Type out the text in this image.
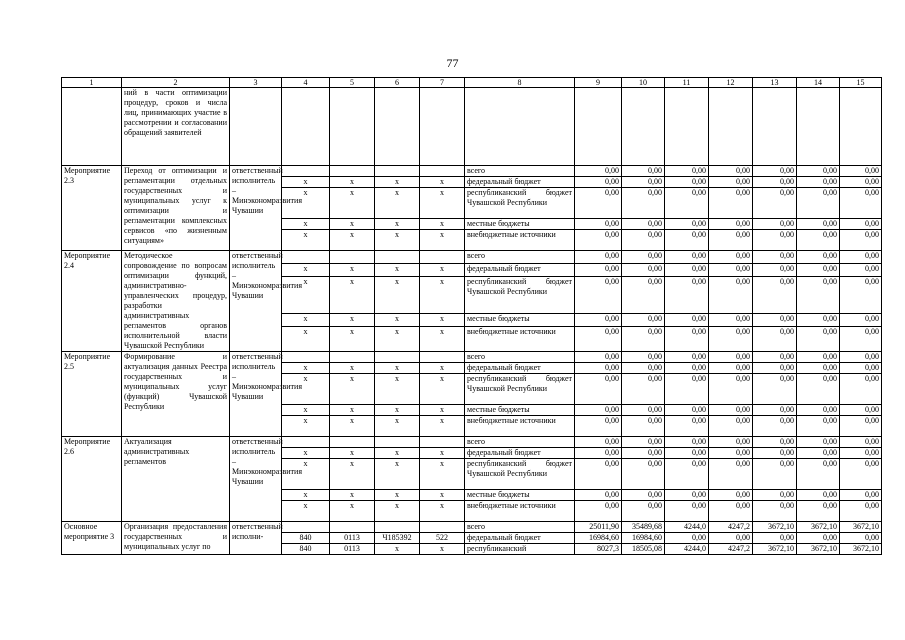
77
1	2	3	4	5	6	7	8	9	10	11	12	13	14	15
	ний в части оптимизации процедур, сроков и числа лиц, принимающих участие в рассмотрении и согласовании обращений заявителей													
Мероприятие 2.3	Переход от оптимизации и регламентации отдельных государственных и муниципальных услуг к оптимизации и регламентации комплексных сервисов «по жизненным ситуациям»	ответственный исполнитель – Минэкономразвития Чувашии					всего	0,00	0,00	0,00	0,00	0,00	0,00	0,00
			x	x	x	x	федеральный бюджет	0,00	0,00	0,00	0,00	0,00	0,00	0,00
			x	x	x	x	республиканский бюджет Чувашской Республики	0,00	0,00	0,00	0,00	0,00	0,00	0,00
			x	x	x	x	местные бюджеты	0,00	0,00	0,00	0,00	0,00	0,00	0,00
			x	x	x	x	внебюджетные источники	0,00	0,00	0,00	0,00	0,00	0,00	0,00
Мероприятие 2.4	Методическое сопровождение по вопросам оптимизации функций, административно-управленческих процедур, разработки административных регламентов органов исполнительной власти Чувашской Республики	ответственный исполнитель – Минэкономразвития Чувашии					всего	0,00	0,00	0,00	0,00	0,00	0,00	0,00
			x	x	x	x	федеральный бюджет	0,00	0,00	0,00	0,00	0,00	0,00	0,00
			x	x	x	x	республиканский бюджет Чувашской Республики	0,00	0,00	0,00	0,00	0,00	0,00	0,00
			x	x	x	x	местные бюджеты	0,00	0,00	0,00	0,00	0,00	0,00	0,00
			x	x	x	x	внебюджетные источники	0,00	0,00	0,00	0,00	0,00	0,00	0,00
Мероприятие 2.5	Формирование и актуализация данных Реестра государственных и муниципальных услуг (функций) Чувашской Республики	ответственный исполнитель – Минэкономразвития Чувашии					всего	0,00	0,00	0,00	0,00	0,00	0,00	0,00
			x	x	x	x	федеральный бюджет	0,00	0,00	0,00	0,00	0,00	0,00	0,00
			x	x	x	x	республиканский бюджет Чувашской Республики	0,00	0,00	0,00	0,00	0,00	0,00	0,00
			x	x	x	x	местные бюджеты	0,00	0,00	0,00	0,00	0,00	0,00	0,00
			x	x	x	x	внебюджетные источники	0,00	0,00	0,00	0,00	0,00	0,00	0,00
Мероприятие 2.6	Актуализация административных регламентов	ответственный исполнитель – Минэкономразвития Чувашии					всего	0,00	0,00	0,00	0,00	0,00	0,00	0,00
			x	x	x	x	федеральный бюджет	0,00	0,00	0,00	0,00	0,00	0,00	0,00
			x	x	x	x	республиканский бюджет Чувашской Республики	0,00	0,00	0,00	0,00	0,00	0,00	0,00
			x	x	x	x	местные бюджеты	0,00	0,00	0,00	0,00	0,00	0,00	0,00
			x	x	x	x	внебюджетные источники	0,00	0,00	0,00	0,00	0,00	0,00	0,00
Основное мероприятие 3	Организация предоставления государственных и муниципальных услуг по	ответственный исполни-					всего	25011,90	35489,68	4244,0	4247,2	3672,10	3672,10	3672,10
			840	0113	Ч185392	522	федеральный бюджет	16984,60	16984,60	0,00	0,00	0,00	0,00	0,00
			840	0113	x	x	республиканский	8027,3	18505,08	4244,0	4247,2	3672,10	3672,10	3672,10
